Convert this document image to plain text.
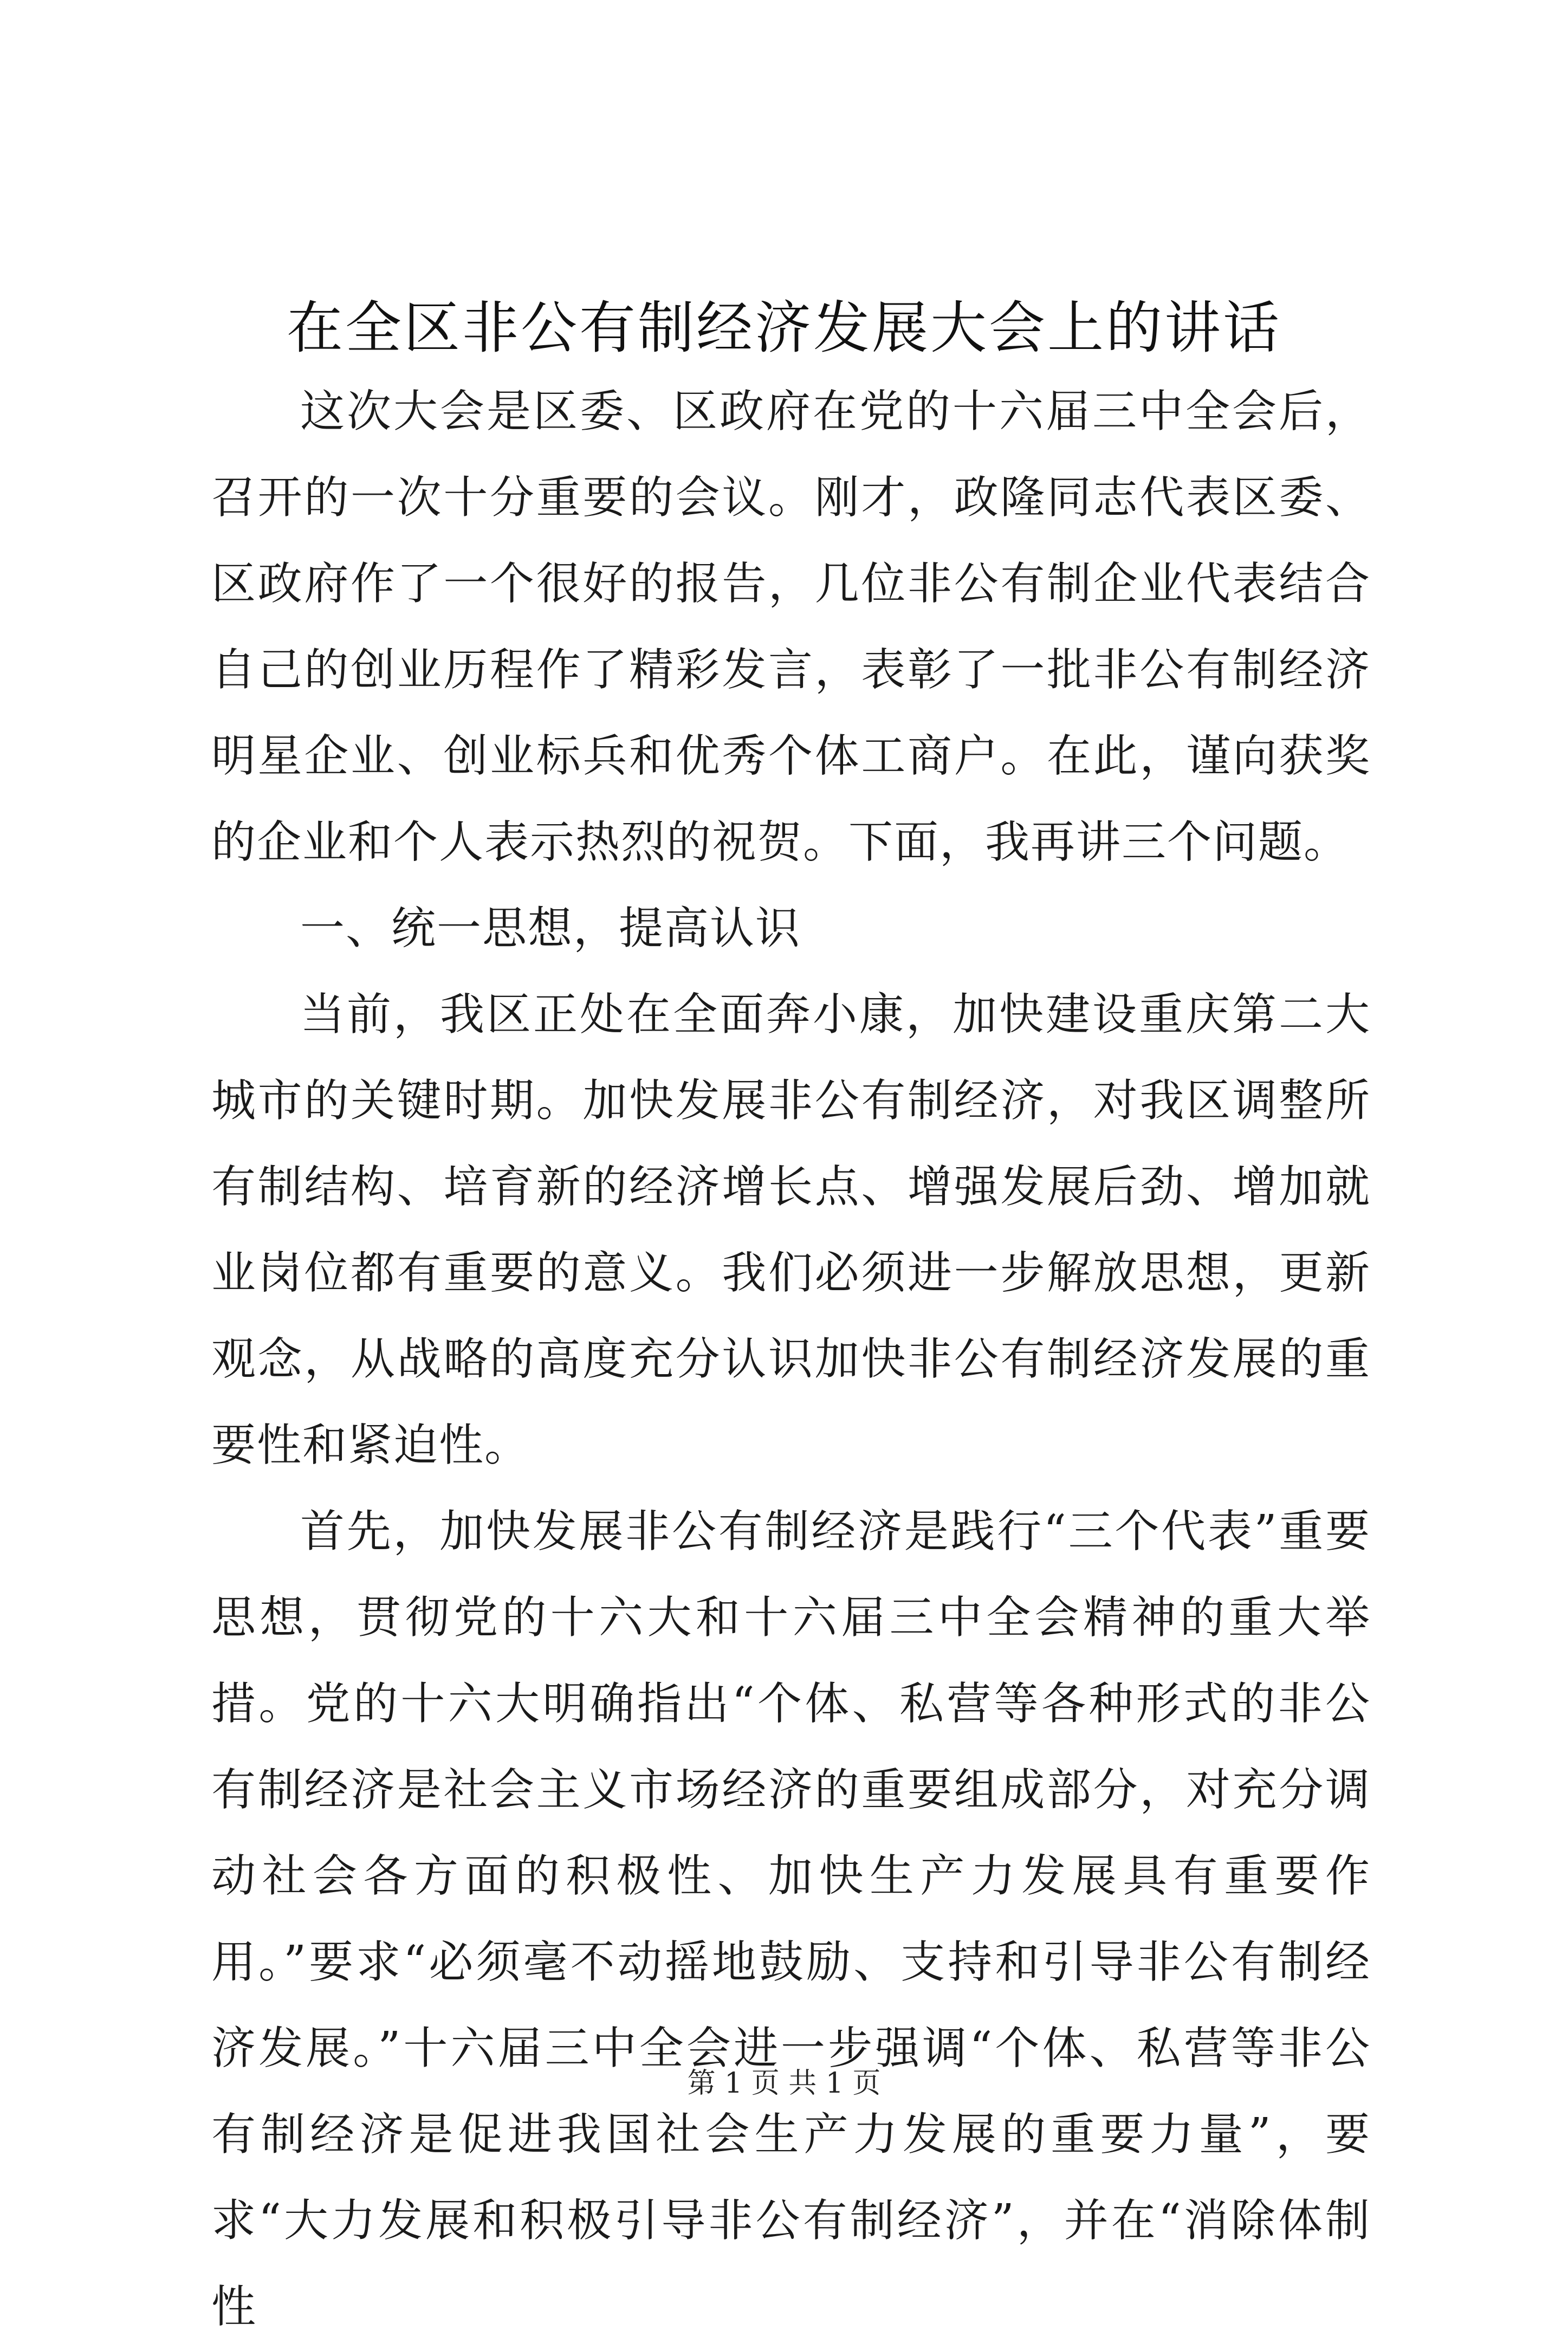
在全区非公有制经济发展大会上的讲话

这次大会是区委、区政府在党的十六届三中全会后，召开的一次十分重要的会议。刚才，政隆同志代表区委、区政府作了一个很好的报告，几位非公有制企业代表结合自己的创业历程作了精彩发言，表彰了一批非公有制经济明星企业、创业标兵和优秀个体工商户。在此，谨向获奖的企业和个人表示热烈的祝贺。下面，我再讲三个问题。

一、统一思想，提高认识

当前，我区正处在全面奔小康，加快建设重庆第二大城市的关键时期。加快发展非公有制经济，对我区调整所有制结构、培育新的经济增长点、增强发展后劲、增加就业岗位都有重要的意义。我们必须进一步解放思想，更新观念，从战略的高度充分认识加快非公有制经济发展的重要性和紧迫性。

首先，加快发展非公有制经济是践行“三个代表”重要思想，贯彻党的十六大和十六届三中全会精神的重大举措。党的十六大明确指出“个体、私营等各种形式的非公有制经济是社会主义市场经济的重要组成部分，对充分调动社会各方面的积极性、加快生产力发展具有重要作用。”要求“必须毫不动摇地鼓励、支持和引导非公有制经济发展。”十六届三中全会进一步强调“个体、私营等非公有制经济是促进我国社会生产力发展的重要力量”，要求“大力发展和积极引导非公有制经济”，并在“消除体制性

第 1 页 共 1 页
